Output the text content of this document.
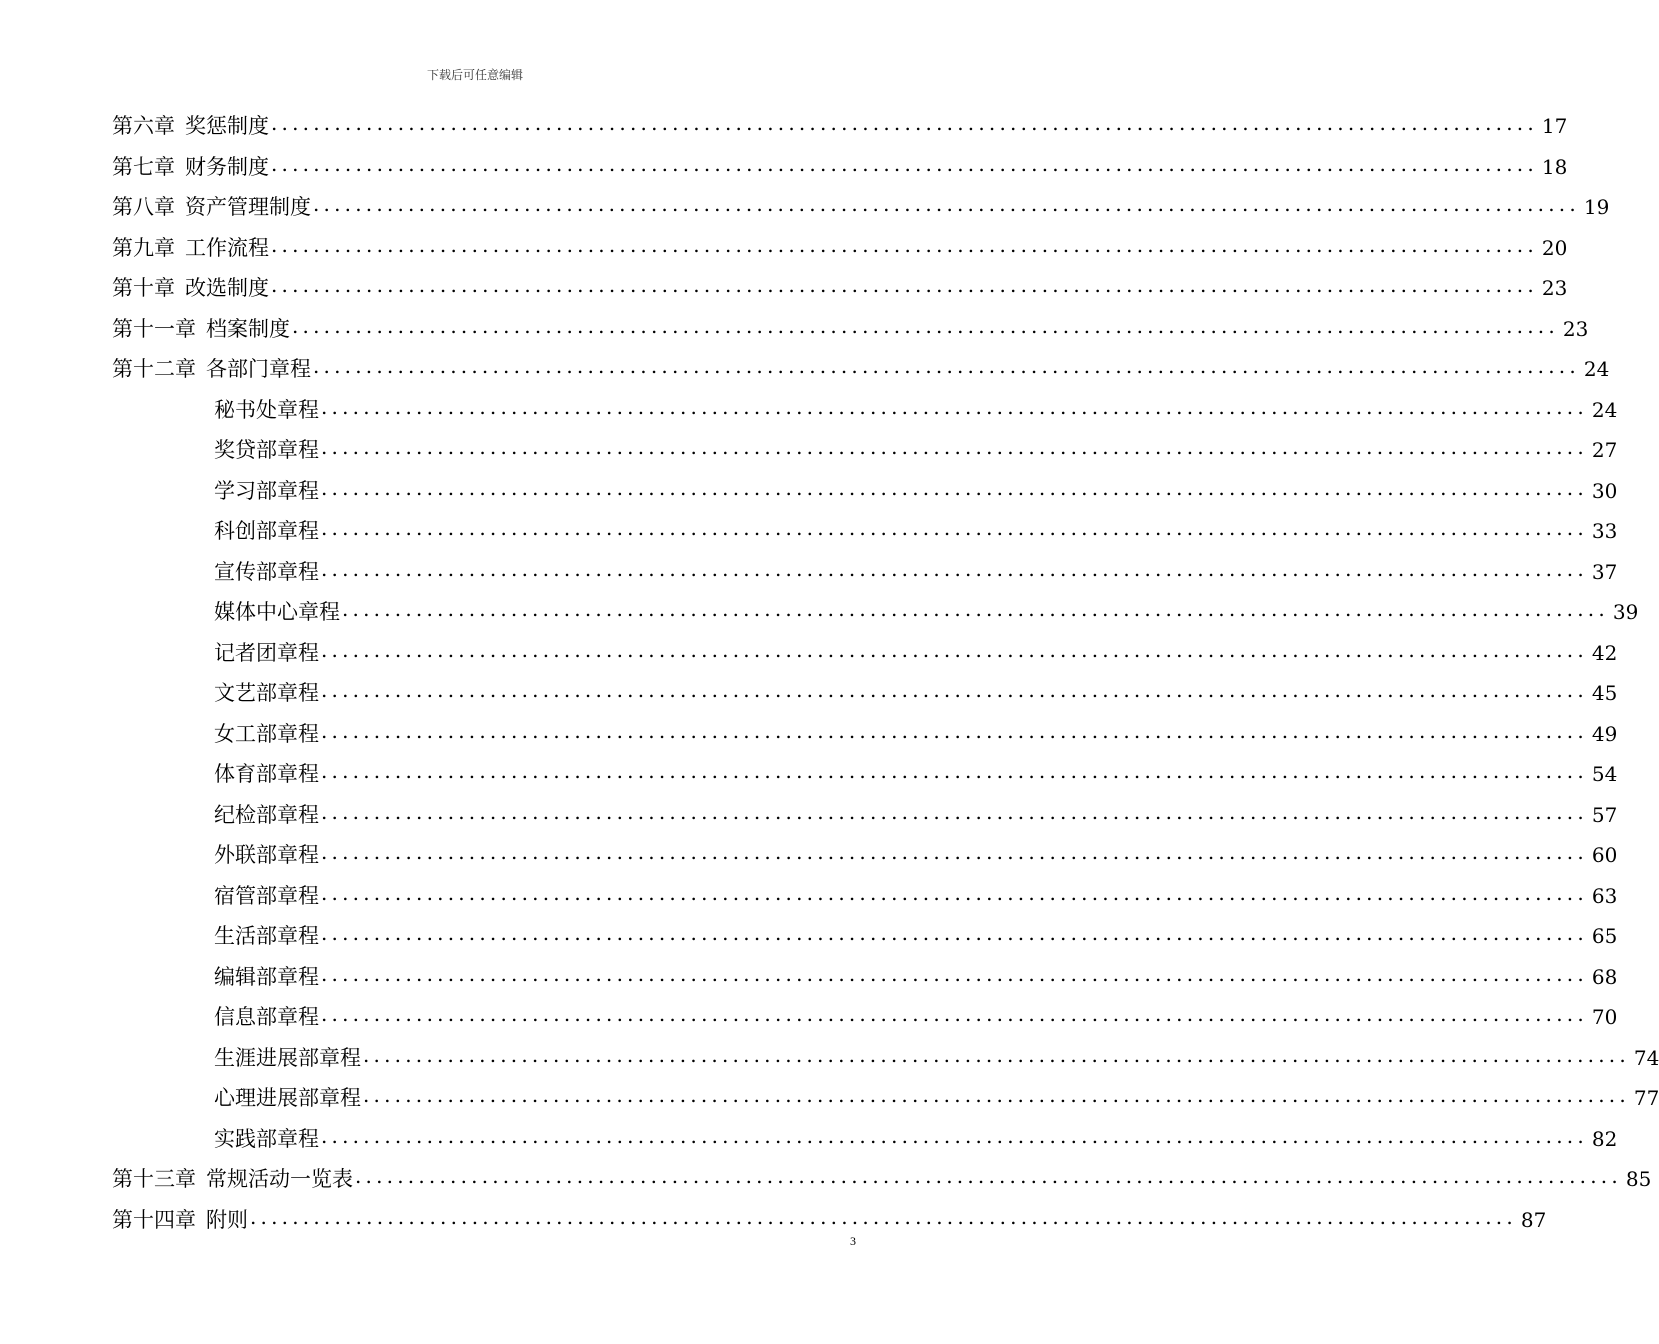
下载后可任意编辑
第六章 奖惩制度 ........................................................................................................................ 17
第七章 财务制度 ........................................................................................................................ 18
第八章 资产管理制度 ........................................................................................................................ 19
第九章 工作流程 ........................................................................................................................ 20
第十章 改选制度 ........................................................................................................................ 23
第十一章 档案制度 ........................................................................................................................ 23
第十二章 各部门章程 ........................................................................................................................ 24
秘书处章程 ........................................................................................................................ 24
奖贷部章程 ........................................................................................................................ 27
学习部章程 ........................................................................................................................ 30
科创部章程 ........................................................................................................................ 33
宣传部章程 ........................................................................................................................ 37
媒体中心章程 ........................................................................................................................ 39
记者团章程 ........................................................................................................................ 42
文艺部章程 ........................................................................................................................ 45
女工部章程 ........................................................................................................................ 49
体育部章程 ........................................................................................................................ 54
纪检部章程 ........................................................................................................................ 57
外联部章程 ........................................................................................................................ 60
宿管部章程 ........................................................................................................................ 63
生活部章程 ........................................................................................................................ 65
编辑部章程 ........................................................................................................................ 68
信息部章程 ........................................................................................................................ 70
生涯进展部章程 ........................................................................................................................ 74
心理进展部章程 ........................................................................................................................ 77
实践部章程 ........................................................................................................................ 82
第十三章 常规活动一览表 ........................................................................................................................ 85
第十四章 附则 ........................................................................................................................ 87
3
